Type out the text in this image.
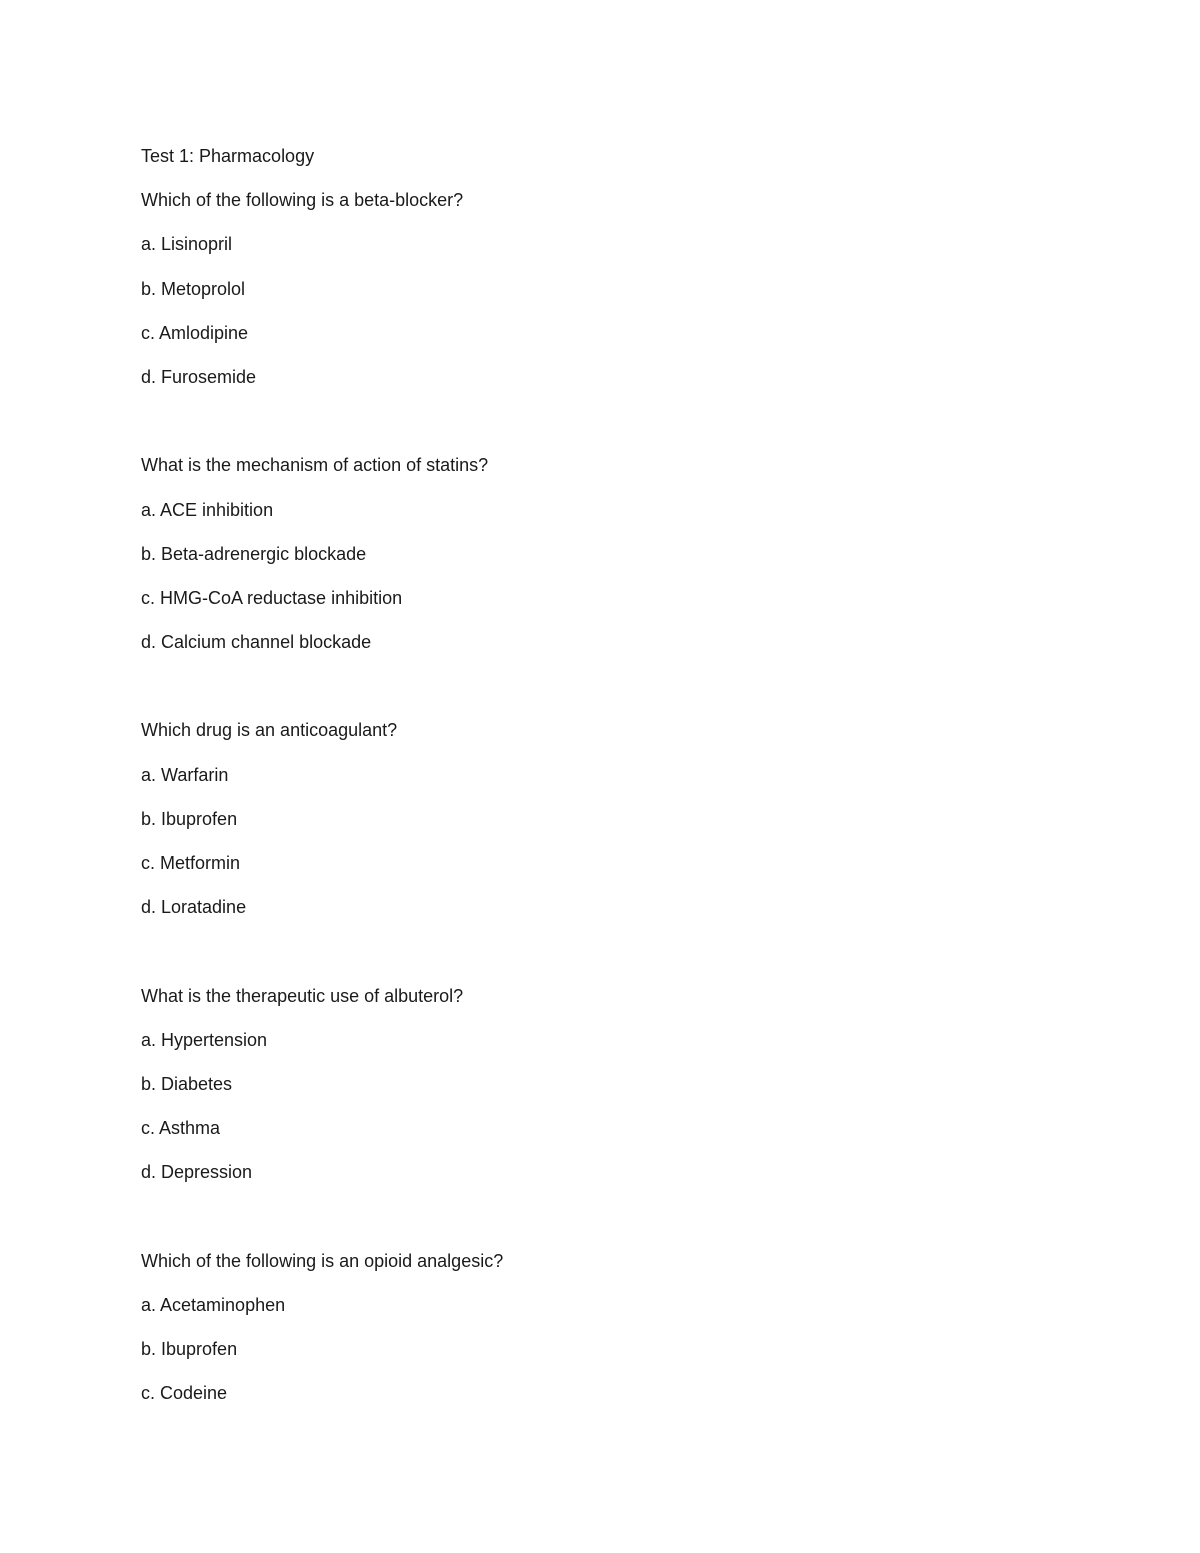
Test 1: Pharmacology
Which of the following is a beta-blocker?
a. Lisinopril
b. Metoprolol
c. Amlodipine
d. Furosemide
What is the mechanism of action of statins?
a. ACE inhibition
b. Beta-adrenergic blockade
c. HMG-CoA reductase inhibition
d. Calcium channel blockade
Which drug is an anticoagulant?
a. Warfarin
b. Ibuprofen
c. Metformin
d. Loratadine
What is the therapeutic use of albuterol?
a. Hypertension
b. Diabetes
c. Asthma
d. Depression
Which of the following is an opioid analgesic?
a. Acetaminophen
b. Ibuprofen
c. Codeine
